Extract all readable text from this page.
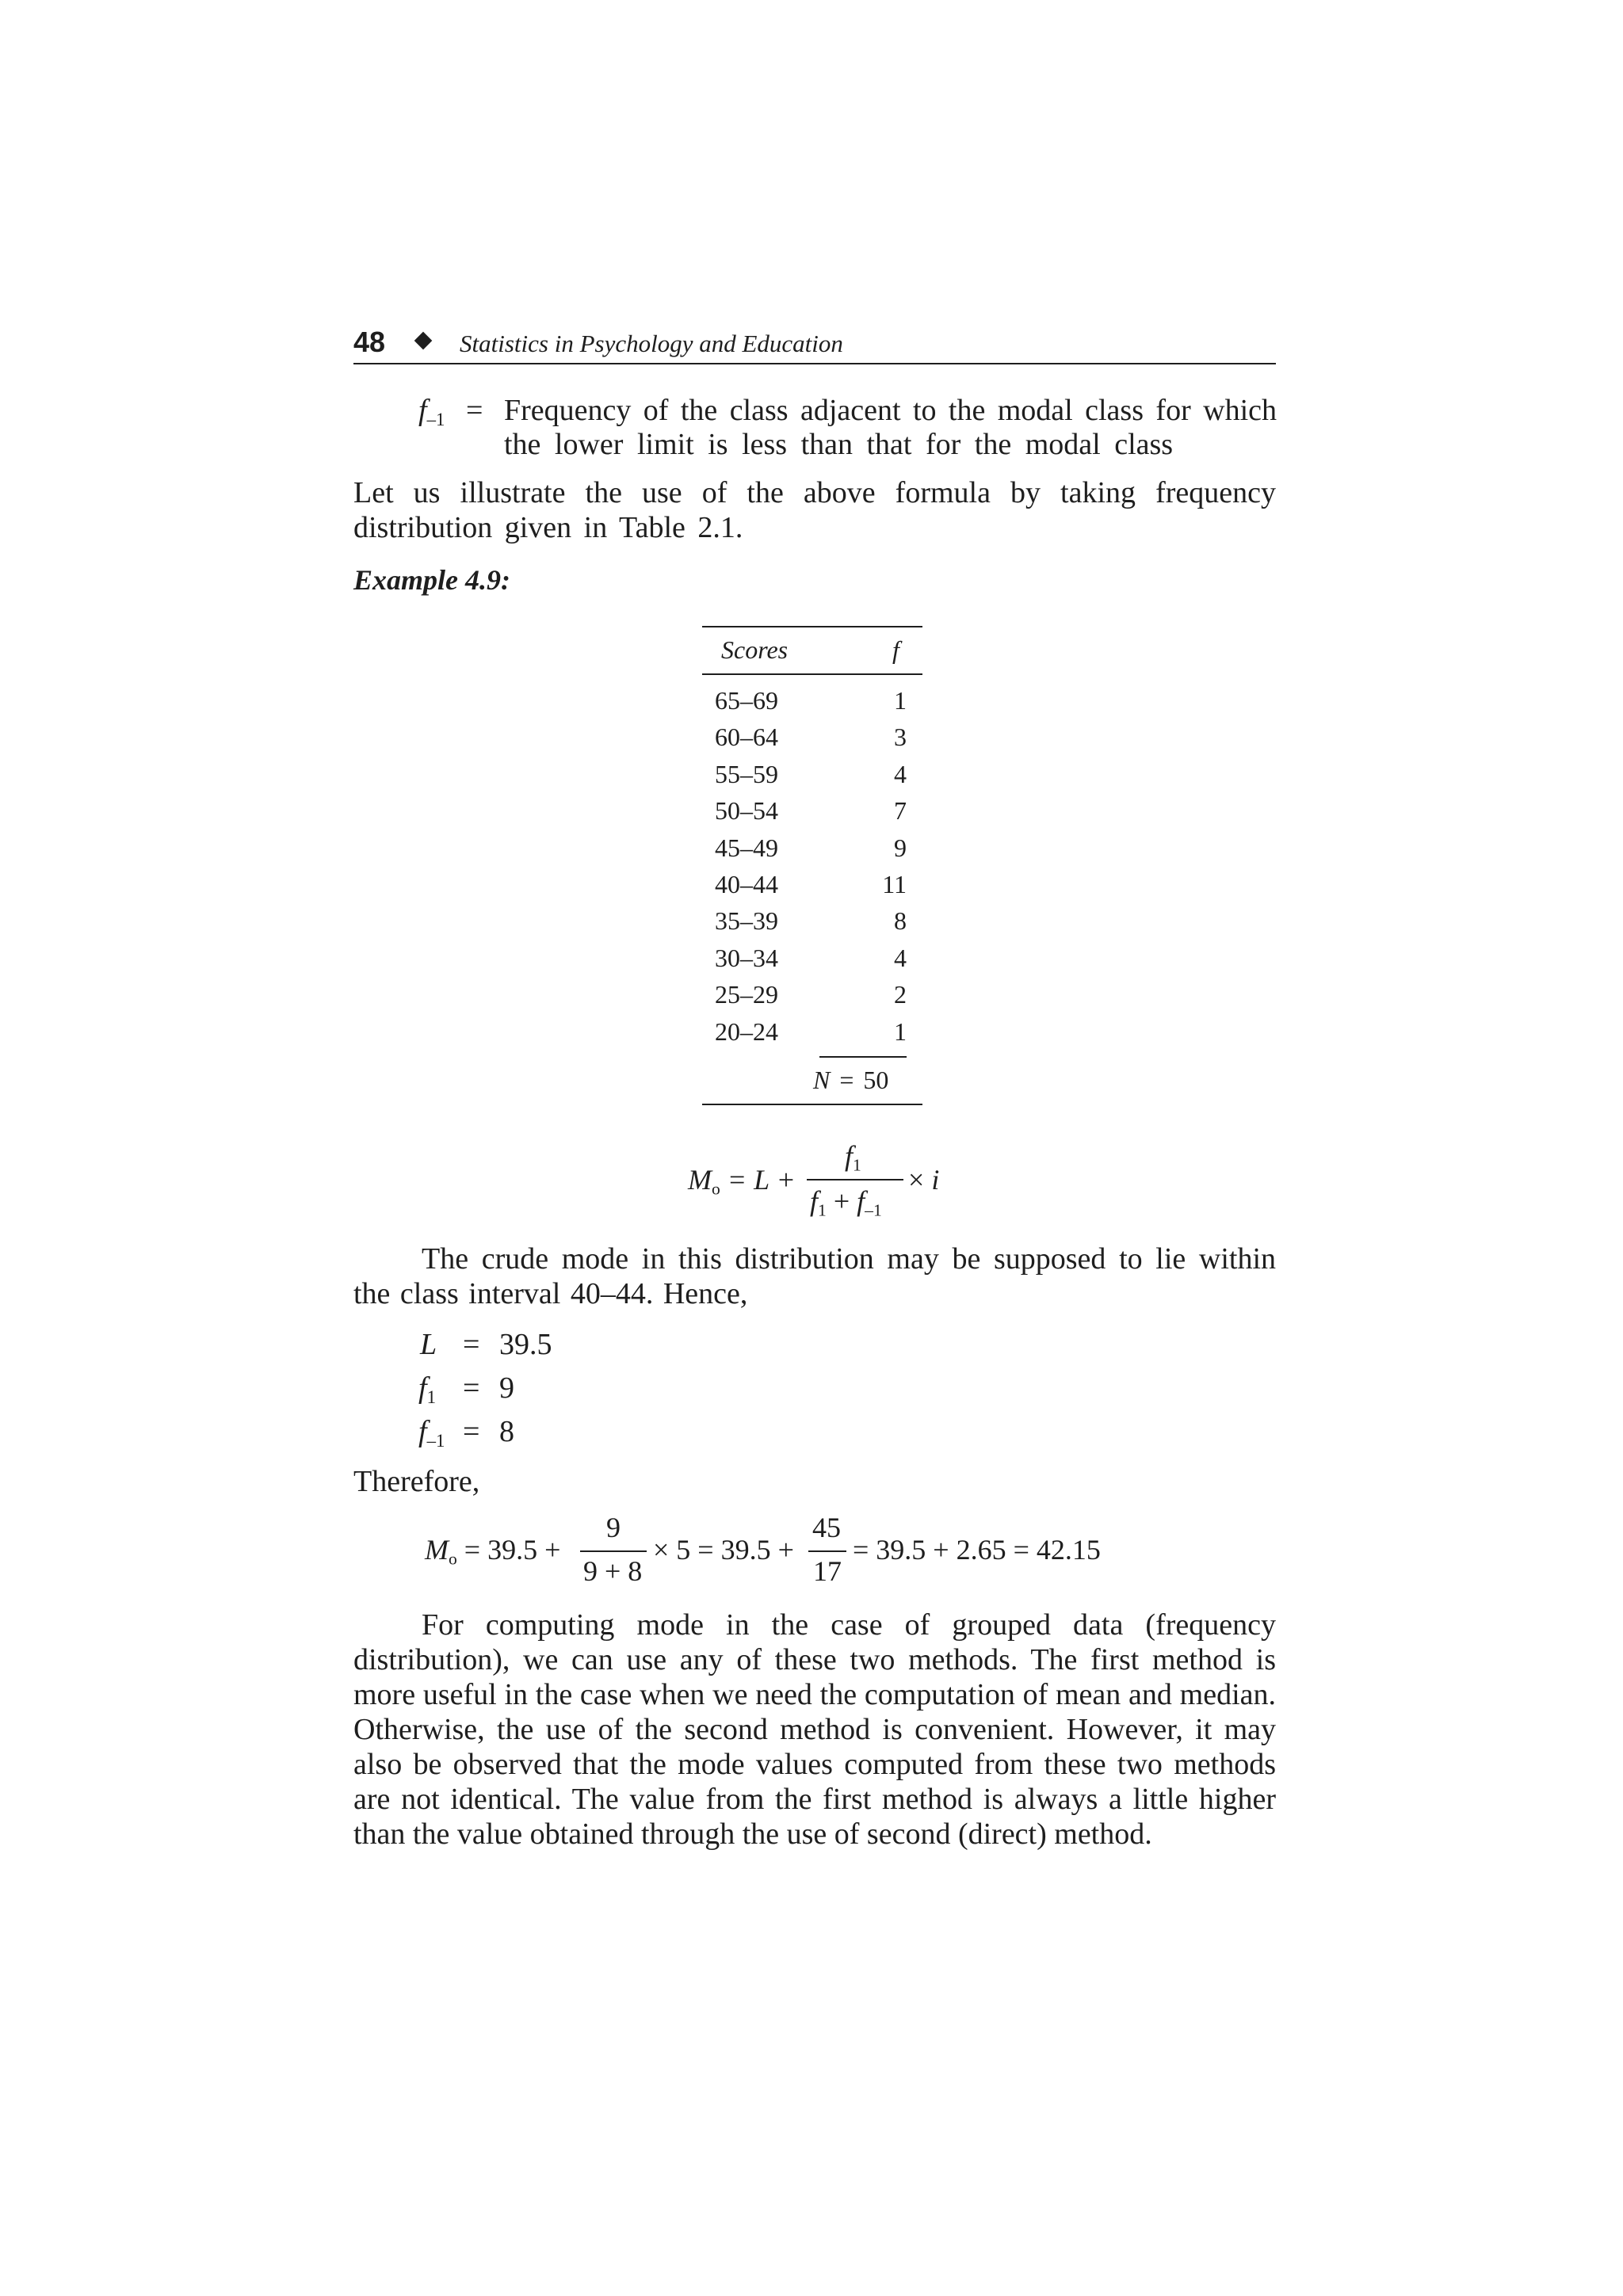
48	Statistics in Psychology and Education
$f_{-1}$ = Frequency of the class adjacent to the modal class for which
the lower limit is less than that for the modal class
Let us illustrate the use of the above formula by taking frequency distribution given in Table 2.1.
Example 4.9:
Scores	f
65–69	1
60–64	3
55–59	4
50–54	7
45–49	9
40–44	11
35–39	8
30–34	4
25–29	2
20–24	1
N = 50
$M_o = L$ +
$f_1$
$f_1 + f_{-1}$
× i
The crude mode in this distribution may be supposed to lie within the class interval 40–44. Hence,
L = 39.5
$f_1 = 9$
$f_{-1} = 8$
Therefore,
$M_o = 39.5$ +
9
9 + 8
× 5 = 39.5 +
45
17
= 39.5 + 2.65 = 42.15
For computing mode in the case of grouped data (frequency distribution), we can use any of these two methods. The first method is more useful in the case when we need the computation of mean and median. Otherwise, the use of the second method is convenient. However, it may also be observed that the mode values computed from these two methods are not identical. The value from the first method is always a little higher than the value obtained through the use of second (direct) method.
